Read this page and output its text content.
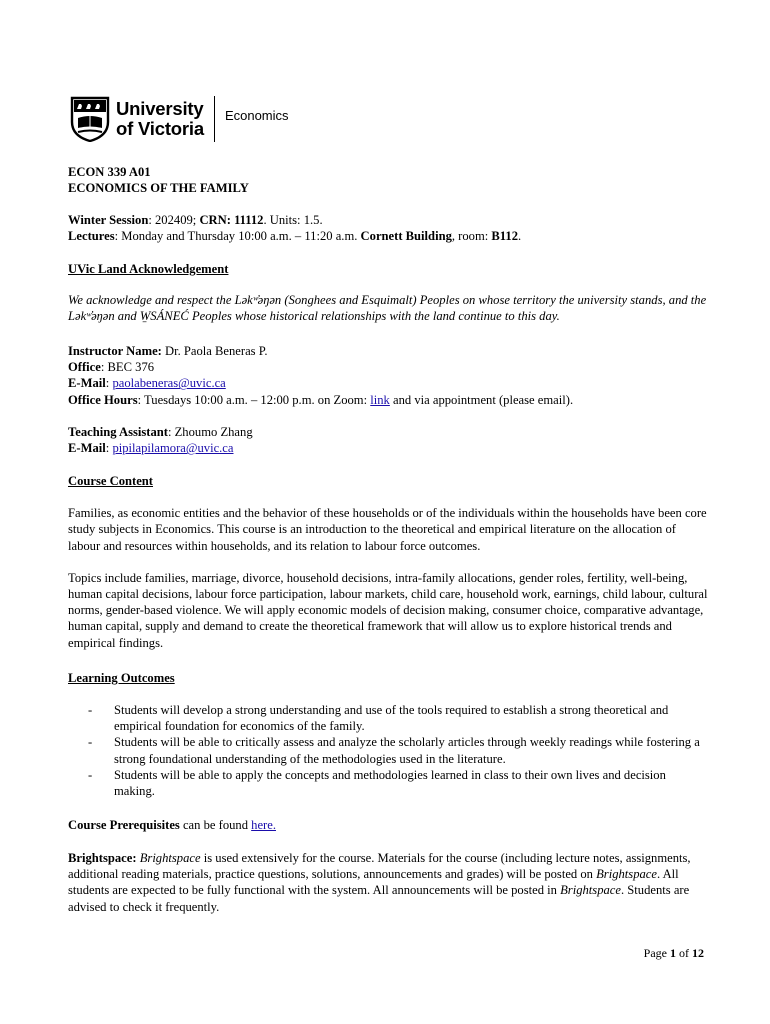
University
of Victoria
Economics

ECON 339 A01

ECONOMICS OF THE FAMILY

Winter Session: 202409; CRN: 11112. Units: 1.5.

Lectures: Monday and Thursday 10:00 a.m. – 11:20 a.m. Cornett Building, room: B112.

UVic Land Acknowledgement

We acknowledge and respect the Ləkʷ̓əŋən (Songhees and Esquimalt) Peoples on whose territory the university stands, and the Ləkʷ̓əŋən and W̱SÁNEĆ Peoples whose historical relationships with the land continue to this day.

Instructor Name: Dr. Paola Beneras P.

Office: BEC 376

E-Mail: paolabeneras@uvic.ca

Office Hours: Tuesdays 10:00 a.m. – 12:00 p.m. on Zoom: link and via appointment (please email).

Teaching Assistant: Zhoumo Zhang

E-Mail: pipilapilamora@uvic.ca

Course Content

Families, as economic entities and the behavior of these households or of the individuals within the households have been core study subjects in Economics. This course is an introduction to the theoretical and empirical literature on the allocation of labour and resources within households, and its relation to labour force outcomes.

Topics include families, marriage, divorce, household decisions, intra-family allocations, gender roles, fertility, well-being, human capital decisions, labour force participation, labour markets, child care, household work, earnings, child labour, cultural norms, gender-based violence. We will apply economic models of decision making, consumer choice, comparative advantage, human capital, supply and demand to create the theoretical framework that will allow us to explore historical trends and empirical findings.

Learning Outcomes

-	Students will develop a strong understanding and use of the tools required to establish a strong theoretical and empirical foundation for economics of the family.
-	Students will be able to critically assess and analyze the scholarly articles through weekly readings while fostering a strong foundational understanding of the methodologies used in the literature.
-	Students will be able to apply the concepts and methodologies learned in class to their own lives and decision making.

Course Prerequisites can be found here.

Brightspace: Brightspace is used extensively for the course. Materials for the course (including lecture notes, assignments, additional reading materials, practice questions, solutions, announcements and grades) will be posted on Brightspace. All students are expected to be fully functional with the system. All announcements will be posted in Brightspace. Students are advised to check it frequently.

Page 1 of 12
